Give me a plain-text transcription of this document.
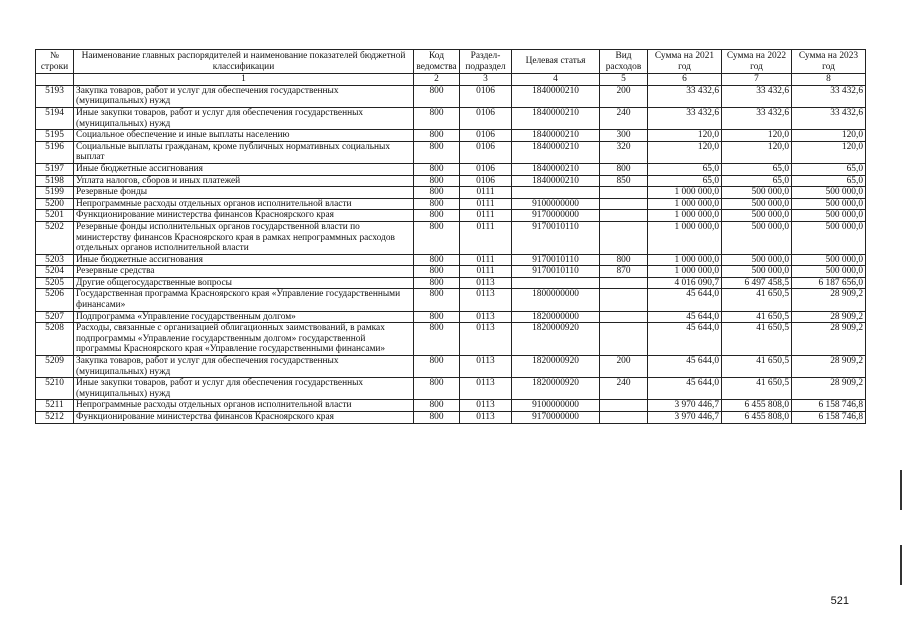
№ строки	Наименование главных распорядителей и наименование показателей бюджетной классификации	Код ведомства	Раздел-подраздел	Целевая статья	Вид расходов	Сумма на 2021 год	Сумма на 2022 год	Сумма на 2023 год
	1	2	3	4	5	6	7	8
5193	Закупка товаров, работ и услуг для обеспечения государственных (муниципальных) нужд	800	0106	1840000210	200	33 432,6	33 432,6	33 432,6
5194	Иные закупки товаров, работ и услуг для обеспечения государственных (муниципальных) нужд	800	0106	1840000210	240	33 432,6	33 432,6	33 432,6
5195	Социальное обеспечение и иные выплаты населению	800	0106	1840000210	300	120,0	120,0	120,0
5196	Социальные выплаты гражданам, кроме публичных нормативных социальных выплат	800	0106	1840000210	320	120,0	120,0	120,0
5197	Иные бюджетные ассигнования	800	0106	1840000210	800	65,0	65,0	65,0
5198	Уплата налогов, сборов и иных платежей	800	0106	1840000210	850	65,0	65,0	65,0
5199	Резервные фонды	800	0111			1 000 000,0	500 000,0	500 000,0
5200	Непрограммные расходы отдельных органов исполнительной власти	800	0111	9100000000		1 000 000,0	500 000,0	500 000,0
5201	Функционирование министерства финансов Красноярского края	800	0111	9170000000		1 000 000,0	500 000,0	500 000,0
5202	Резервные фонды исполнительных органов государственной власти по министерству финансов Красноярского края в рамках непрограммных расходов отдельных органов исполнительной власти	800	0111	9170010110		1 000 000,0	500 000,0	500 000,0
5203	Иные бюджетные ассигнования	800	0111	9170010110	800	1 000 000,0	500 000,0	500 000,0
5204	Резервные средства	800	0111	9170010110	870	1 000 000,0	500 000,0	500 000,0
5205	Другие общегосударственные вопросы	800	0113			4 016 090,7	6 497 458,5	6 187 656,0
5206	Государственная программа Красноярского края «Управление государственными финансами»	800	0113	1800000000		45 644,0	41 650,5	28 909,2
5207	Подпрограмма «Управление государственным долгом»	800	0113	1820000000		45 644,0	41 650,5	28 909,2
5208	Расходы, связанные с организацией облигационных заимствований, в рамках подпрограммы «Управление государственным долгом» государственной программы Красноярского края «Управление государственными финансами»	800	0113	1820000920		45 644,0	41 650,5	28 909,2
5209	Закупка товаров, работ и услуг для обеспечения государственных (муниципальных) нужд	800	0113	1820000920	200	45 644,0	41 650,5	28 909,2
5210	Иные закупки товаров, работ и услуг для обеспечения государственных (муниципальных) нужд	800	0113	1820000920	240	45 644,0	41 650,5	28 909,2
5211	Непрограммные расходы отдельных органов исполнительной власти	800	0113	9100000000		3 970 446,7	6 455 808,0	6 158 746,8
5212	Функционирование министерства финансов Красноярского края	800	0113	9170000000		3 970 446,7	6 455 808,0	6 158 746,8
521
